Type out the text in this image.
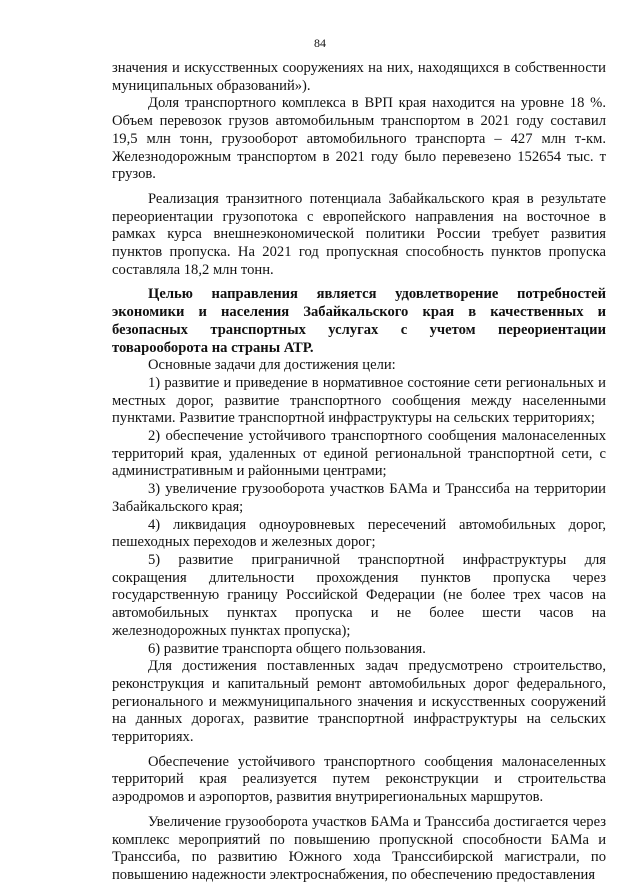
84

значения и искусственных сооружениях на них, находящихся в собственности муниципальных образований»).

Доля транспортного комплекса в ВРП края находится на уровне 18 %. Объем перевозок грузов автомобильным транспортом в 2021 году составил 19,5 млн тонн, грузооборот автомобильного транспорта – 427 млн т-км. Железнодорожным транспортом в 2021 году было перевезено 152654 тыс. т грузов.

Реализация транзитного потенциала Забайкальского края в результате переориентации грузопотока с европейского направления на восточное в рамках курса внешнеэкономической политики России требует развития пунктов пропуска. На 2021 год пропускная способность пунктов пропуска составляла 18,2 млн тонн.

Целью направления является удовлетворение потребностей экономики и населения Забайкальского края в качественных и безопасных транспортных услугах с учетом переориентации товарооборота на страны АТР.

Основные задачи для достижения цели:

1) развитие и приведение в нормативное состояние сети региональных и местных дорог, развитие транспортного сообщения между населенными пунктами. Развитие транспортной инфраструктуры на сельских территориях;

2) обеспечение устойчивого транспортного сообщения малонаселенных территорий края, удаленных от единой региональной транспортной сети, с административным и районными центрами;

3) увеличение грузооборота участков БАМа и Транссиба на территории Забайкальского края;

4) ликвидация одноуровневых пересечений автомобильных дорог, пешеходных переходов и железных дорог;

5) развитие приграничной транспортной инфраструктуры для сокращения длительности прохождения пунктов пропуска через государственную границу Российской Федерации (не более трех часов на автомобильных пунктах пропуска и не более шести часов на железнодорожных пунктах пропуска);

6) развитие транспорта общего пользования.

Для достижения поставленных задач предусмотрено строительство, реконструкция и капитальный ремонт автомобильных дорог федерального, регионального и межмуниципального значения и искусственных сооружений на данных дорогах, развитие транспортной инфраструктуры на сельских территориях.

Обеспечение устойчивого транспортного сообщения малонаселенных территорий края реализуется путем реконструкции и строительства аэродромов и аэропортов, развития внутрирегиональных маршрутов.

Увеличение грузооборота участков БАМа и Транссиба достигается через комплекс мероприятий по повышению пропускной способности БАМа и Транссиба, по развитию Южного хода Транссибирской магистрали, по повышению надежности электроснабжения, по обеспечению предоставления
